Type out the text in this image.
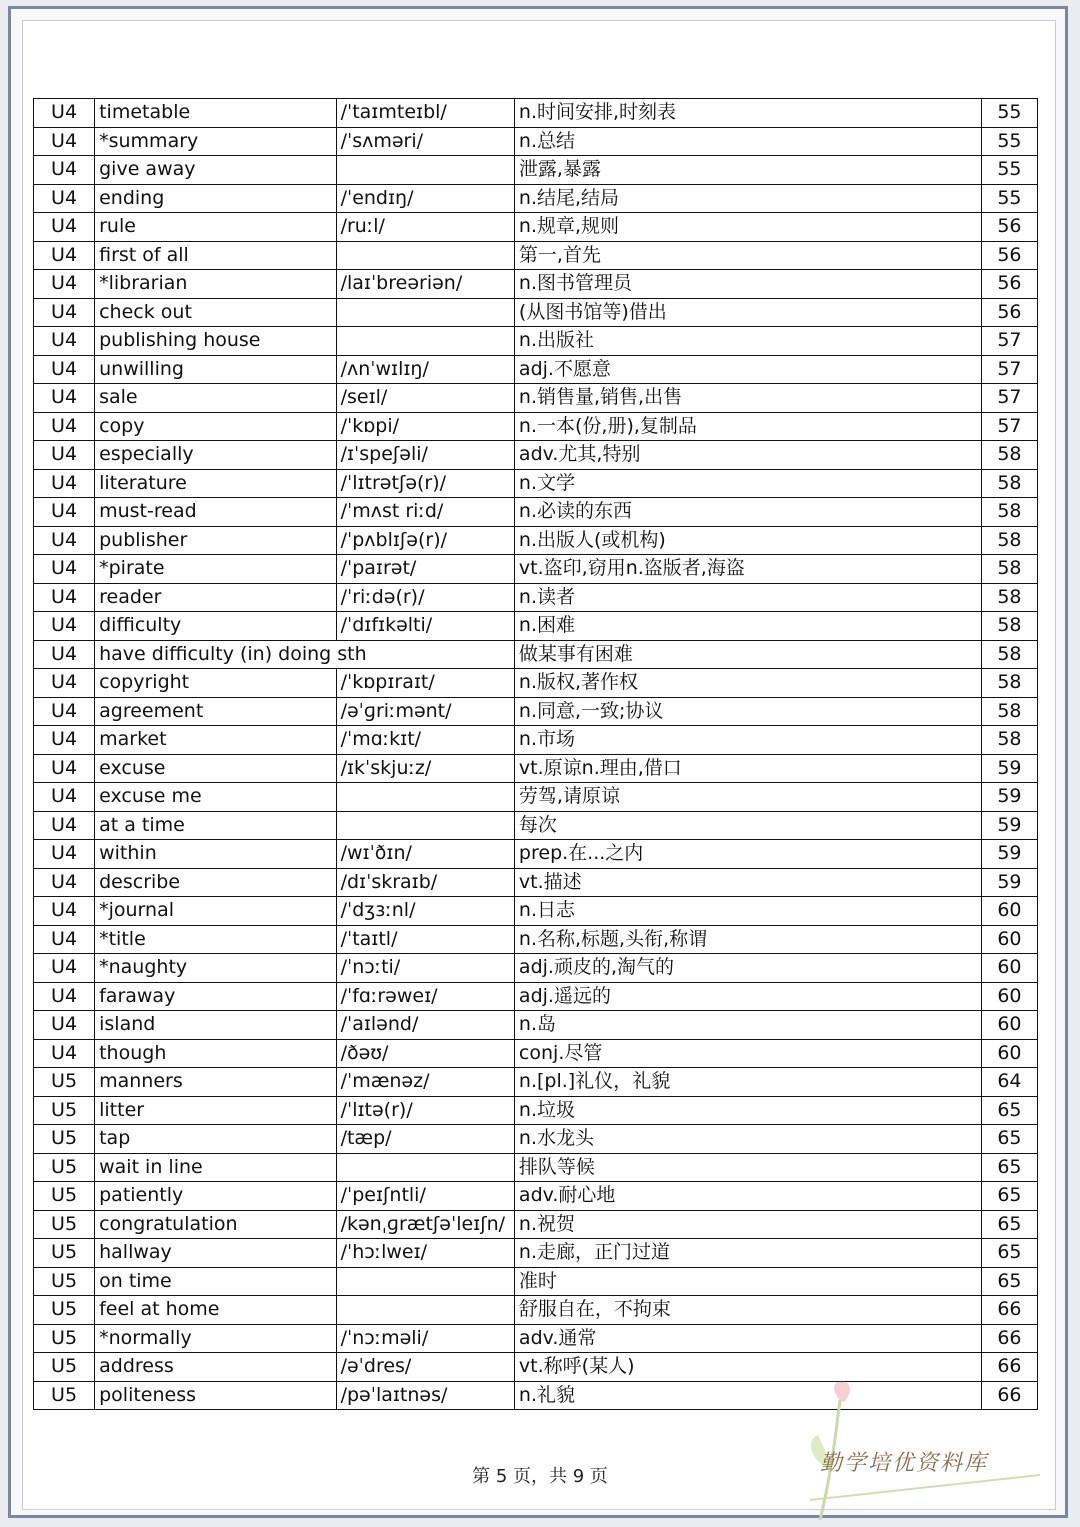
U4	timetable	/ˈtaɪmteɪbl/	n.时间安排,时刻表	55
U4	*summary	/ˈsʌməri/	n.总结	55
U4	give away		泄露,暴露	55
U4	ending	/ˈendɪŋ/	n.结尾,结局	55
U4	rule	/ruːl/	n.规章,规则	56
U4	first of all		第一,首先	56
U4	*librarian	/laɪˈbreəriən/	n.图书管理员	56
U4	check out		(从图书馆等)借出	56
U4	publishing house		n.出版社	57
U4	unwilling	/ʌnˈwɪlɪŋ/	adj.不愿意	57
U4	sale	/seɪl/	n.销售量,销售,出售	57
U4	copy	/ˈkɒpi/	n.一本(份,册),复制品	57
U4	especially	/ɪˈspeʃəli/	adv.尤其,特别	58
U4	literature	/ˈlɪtrətʃə(r)/	n.文学	58
U4	must-read	/ˈmʌst riːd/	n.必读的东西	58
U4	publisher	/ˈpʌblɪʃə(r)/	n.出版人(或机构)	58
U4	*pirate	/ˈpaɪrət/	vt.盗印,窃用n.盗版者,海盗	58
U4	reader	/ˈriːdə(r)/	n.读者	58
U4	difficulty	/ˈdɪfɪkəlti/	n.困难	58
U4	have difficulty (in) doing sth		做某事有困难	58
U4	copyright	/ˈkɒpɪraɪt/	n.版权,著作权	58
U4	agreement	/əˈɡriːmənt/	n.同意,一致;协议	58
U4	market	/ˈmɑːkɪt/	n.市场	58
U4	excuse	/ɪkˈskjuːz/	vt.原谅n.理由,借口	59
U4	excuse me		劳驾,请原谅	59
U4	at a time		每次	59
U4	within	/wɪˈðɪn/	prep.在...之内	59
U4	describe	/dɪˈskraɪb/	vt.描述	59
U4	*journal	/ˈdʒɜːnl/	n.日志	60
U4	*title	/ˈtaɪtl/	n.名称,标题,头衔,称谓	60
U4	*naughty	/ˈnɔːti/	adj.顽皮的,淘气的	60
U4	faraway	/ˈfɑːrəweɪ/	adj.遥远的	60
U4	island	/ˈaɪlənd/	n.岛	60
U4	though	/ðəʊ/	conj.尽管	60
U5	manners	/ˈmænəz/	n.[pl.]礼仪，礼貌	64
U5	litter	/ˈlɪtə(r)/	n.垃圾	65
U5	tap	/tæp/	n.水龙头	65
U5	wait in line		排队等候	65
U5	patiently	/ˈpeɪʃntli/	adv.耐心地	65
U5	congratulation	/kənˌɡrætʃəˈleɪʃn/	n.祝贺	65
U5	hallway	/ˈhɔːlweɪ/	n.走廊，正门过道	65
U5	on time		准时	65
U5	feel at home		舒服自在，不拘束	66
U5	*normally	/ˈnɔːməli/	adv.通常	66
U5	address	/əˈdres/	vt.称呼(某人)	66
U5	politeness	/pəˈlaɪtnəs/	n.礼貌	66
第 5 页，共 9 页
勤学培优资料库
